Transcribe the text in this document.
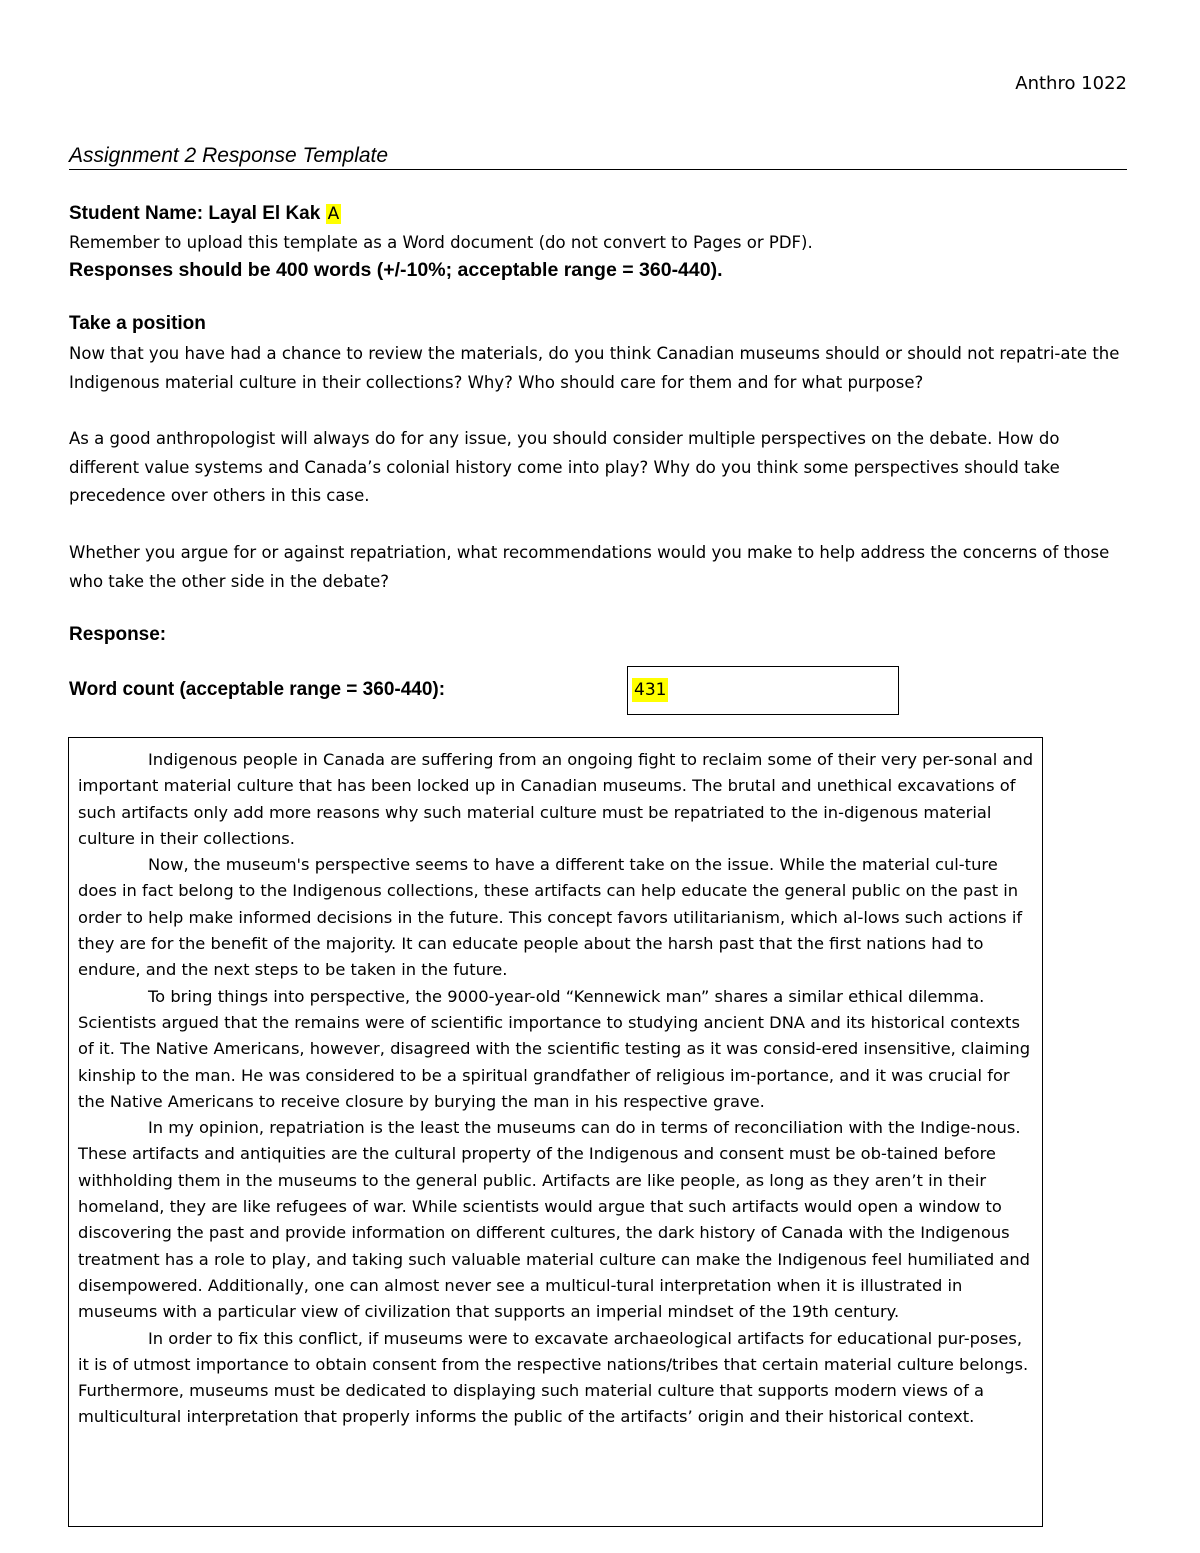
Anthro 1022
Assignment 2 Response Template
Student Name: Layal El Kak A
Remember to upload this template as a Word document (do not convert to Pages or PDF).
Responses should be 400 words (+/-10%; acceptable range = 360-440).
Take a position

Now that you have had a chance to review the materials, do you think Canadian museums should or should not repatri-ate the Indigenous material culture in their collections? Why? Who should care for them and for what purpose?

As a good anthropologist will always do for any issue, you should consider multiple perspectives on the debate. How do different value systems and Canada’s colonial history come into play? Why do you think some perspectives should take precedence over others in this case.

Whether you argue for or against repatriation, what recommendations would you make to help address the concerns of those who take the other side in the debate?

Response:
Word count (acceptable range = 360-440):	431

Indigenous people in Canada are suffering from an ongoing fight to reclaim some of their very per-sonal and important material culture that has been locked up in Canadian museums. The brutal and unethical excavations of such artifacts only add more reasons why such material culture must be repatriated to the in-digenous material culture in their collections.

Now, the museum's perspective seems to have a different take on the issue. While the material cul-ture does in fact belong to the Indigenous collections, these artifacts can help educate the general public on the past in order to help make informed decisions in the future. This concept favors utilitarianism, which al-lows such actions if they are for the benefit of the majority. It can educate people about the harsh past that the first nations had to endure, and the next steps to be taken in the future.

To bring things into perspective, the 9000-year-old “Kennewick man” shares a similar ethical dilemma. Scientists argued that the remains were of scientific importance to studying ancient DNA and its historical contexts of it. The Native Americans, however, disagreed with the scientific testing as it was consid-ered insensitive, claiming kinship to the man. He was considered to be a spiritual grandfather of religious im-portance, and it was crucial for the Native Americans to receive closure by burying the man in his respective grave.

In my opinion, repatriation is the least the museums can do in terms of reconciliation with the Indige-nous. These artifacts and antiquities are the cultural property of the Indigenous and consent must be ob-tained before withholding them in the museums to the general public. Artifacts are like people, as long as they aren’t in their homeland, they are like refugees of war. While scientists would argue that such artifacts would open a window to discovering the past and provide information on different cultures, the dark history of Canada with the Indigenous treatment has a role to play, and taking such valuable material culture can make the Indigenous feel humiliated and disempowered. Additionally, one can almost never see a multicul-tural interpretation when it is illustrated in museums with a particular view of civilization that supports an imperial mindset of the 19th century.

In order to fix this conflict, if museums were to excavate archaeological artifacts for educational pur-poses, it is of utmost importance to obtain consent from the respective nations/tribes that certain material culture belongs. Furthermore, museums must be dedicated to displaying such material culture that supports modern views of a multicultural interpretation that properly informs the public of the artifacts’ origin and their historical context.
